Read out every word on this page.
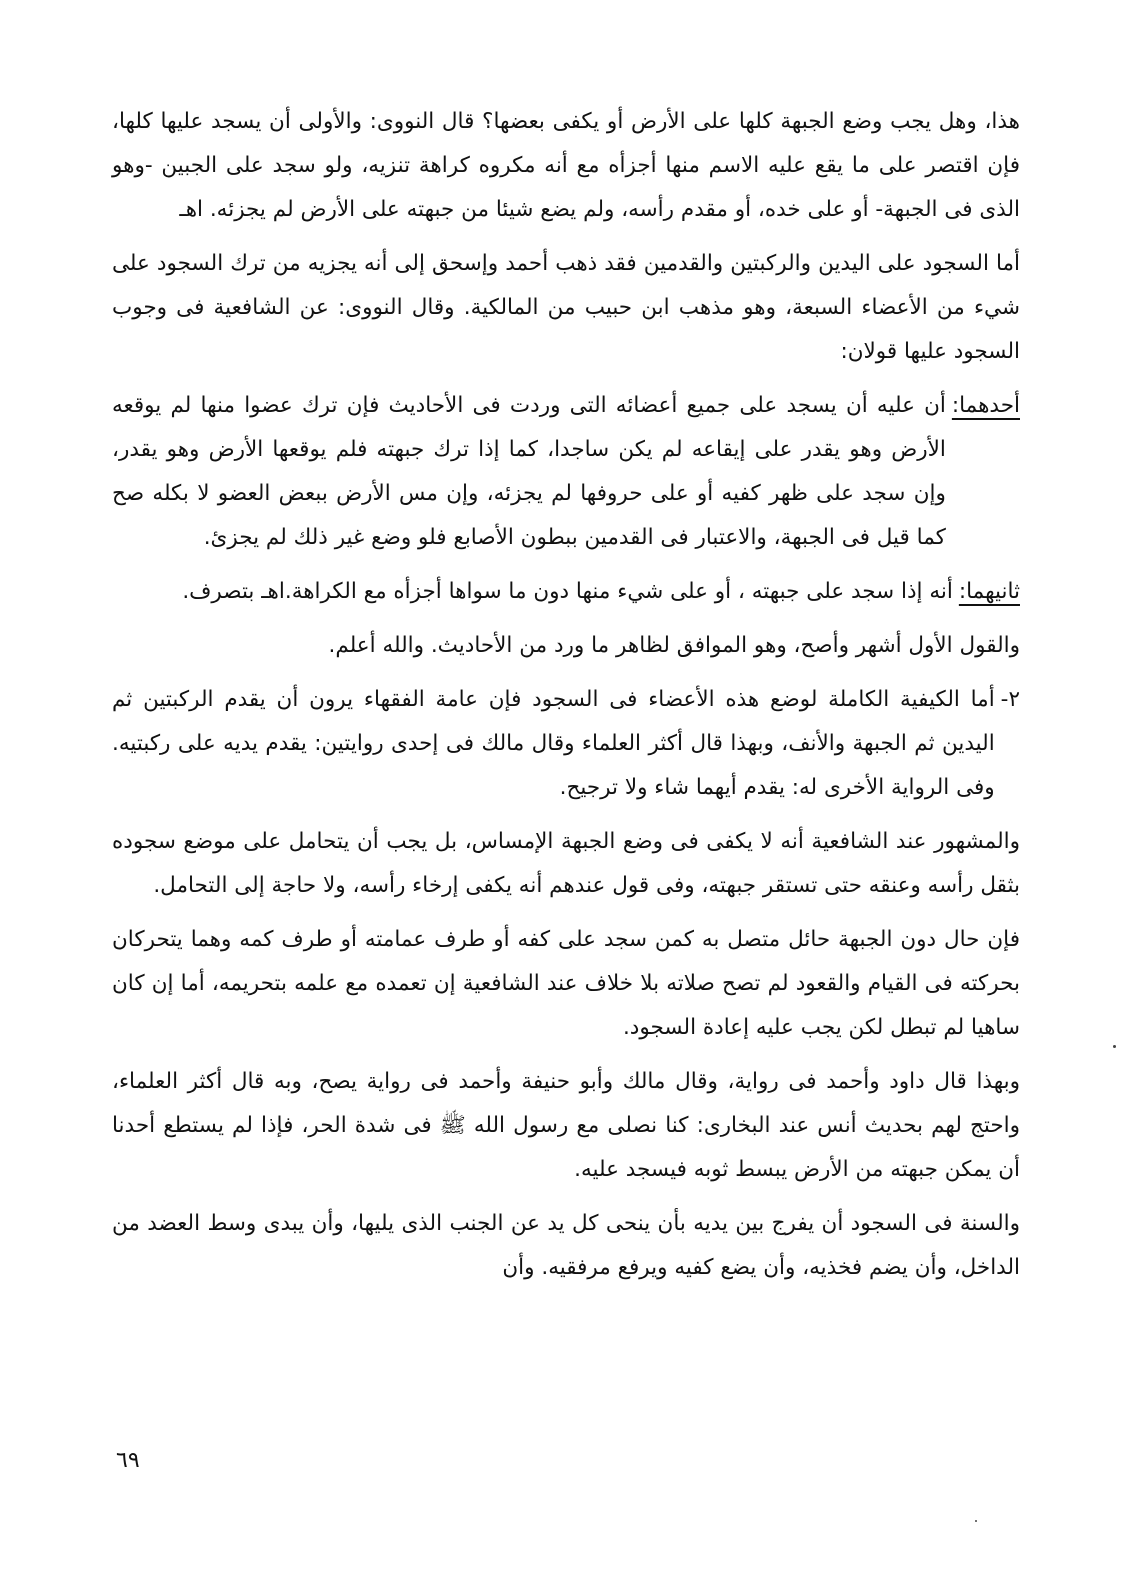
هذا، وهل يجب وضع الجبهة كلها على الأرض أو يكفى بعضها؟ قال النووى: والأولى أن يسجد عليها كلها، فإن اقتصر على ما يقع عليه الاسم منها أجزأه مع أنه مكروه كراهة تنزيه، ولو سجد على الجبين -وهو الذى فى الجبهة- أو على خده، أو مقدم رأسه، ولم يضع شيئا من جبهته على الأرض لم يجزئه. اهـ

أما السجود على اليدين والركبتين والقدمين فقد ذهب أحمد وإسحق إلى أنه يجزيه من ترك السجود على شيء من الأعضاء السبعة، وهو مذهب ابن حبيب من المالكية. وقال النووى: عن الشافعية فى وجوب السجود عليها قولان:

أحدهما:
أن عليه أن يسجد على جميع أعضائه التى وردت فى الأحاديث فإن ترك عضوا منها لم يوقعه الأرض وهو يقدر على إيقاعه لم يكن ساجدا، كما إذا ترك جبهته فلم يوقعها الأرض وهو يقدر، وإن سجد على ظهر كفيه أو على حروفها لم يجزئه، وإن مس الأرض ببعض العضو لا بكله صح كما قيل فى الجبهة، والاعتبار فى القدمين ببطون الأصابع فلو وضع غير ذلك لم يجزئ.
ثانيهما:
أنه إذا سجد على جبهته ، أو على شيء منها دون ما سواها أجزأه مع الكراهة.اهـ بتصرف.

والقول الأول أشهر وأصح، وهو الموافق لظاهر ما ورد من الأحاديث. والله أعلم.

٢-
أما الكيفية الكاملة لوضع هذه الأعضاء فى السجود فإن عامة الفقهاء يرون أن يقدم الركبتين ثم اليدين ثم الجبهة والأنف، وبهذا قال أكثر العلماء وقال مالك فى إحدى روايتين: يقدم يديه على ركبتيه. وفى الرواية الأخرى له: يقدم أيهما شاء ولا ترجيح.

والمشهور عند الشافعية أنه لا يكفى فى وضع الجبهة الإمساس، بل يجب أن يتحامل على موضع سجوده بثقل رأسه وعنقه حتى تستقر جبهته، وفى قول عندهم أنه يكفى إرخاء رأسه، ولا حاجة إلى التحامل.

فإن حال دون الجبهة حائل متصل به كمن سجد على كفه أو طرف عمامته أو طرف كمه وهما يتحركان بحركته فى القيام والقعود لم تصح صلاته بلا خلاف عند الشافعية إن تعمده مع علمه بتحريمه، أما إن كان ساهيا لم تبطل لكن يجب عليه إعادة السجود.

وبهذا قال داود وأحمد فى رواية، وقال مالك وأبو حنيفة وأحمد فى رواية يصح، وبه قال أكثر العلماء، واحتج لهم بحديث أنس عند البخارى: كنا نصلى مع رسول الله ﷺ فى شدة الحر، فإذا لم يستطع أحدنا أن يمكن جبهته من الأرض يبسط ثوبه فيسجد عليه.

والسنة فى السجود أن يفرج بين يديه بأن ينحى كل يد عن الجنب الذى يليها، وأن يبدى وسط العضد من الداخل، وأن يضم فخذيه، وأن يضع كفيه ويرفع مرفقيه. وأن

٦٩
